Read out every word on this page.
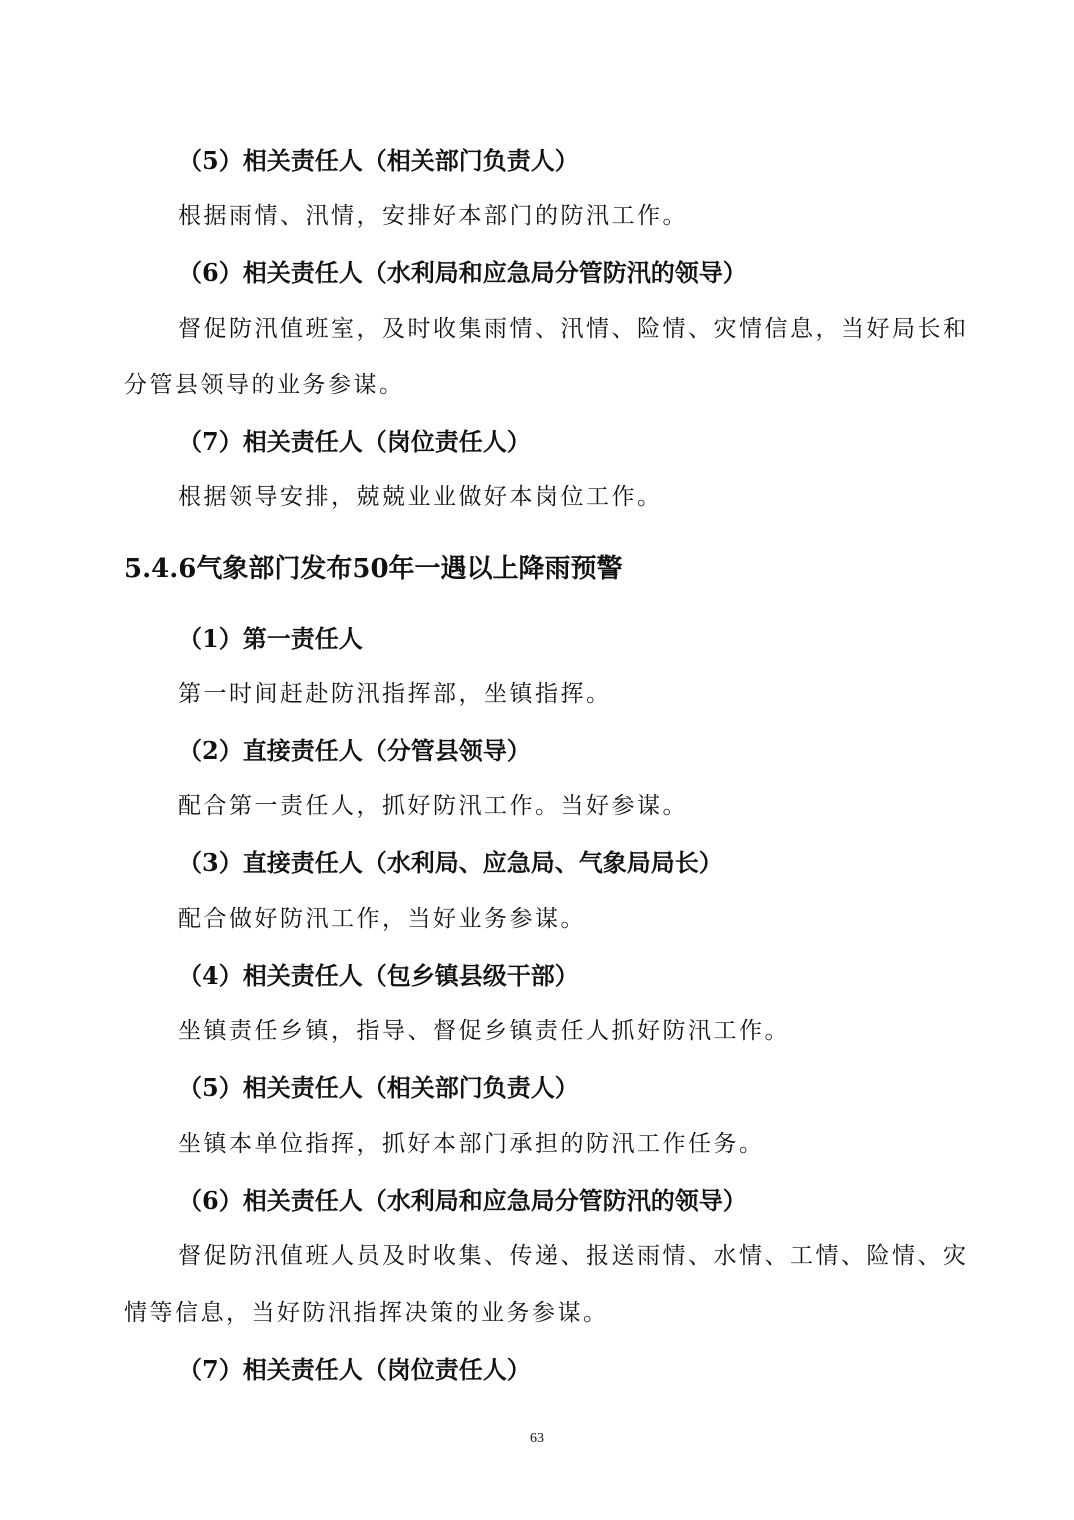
（5）相关责任人（相关部门负责人）
根据雨情、汛情，安排好本部门的防汛工作。
（6）相关责任人（水利局和应急局分管防汛的领导）
督促防汛值班室，及时收集雨情、汛情、险情、灾情信息，当好局长和
分管县领导的业务参谋。
（7）相关责任人（岗位责任人）
根据领导安排，兢兢业业做好本岗位工作。
5.4.6气象部门发布50年一遇以上降雨预警
（1）第一责任人
第一时间赶赴防汛指挥部，坐镇指挥。
（2）直接责任人（分管县领导）
配合第一责任人，抓好防汛工作。当好参谋。
（3）直接责任人（水利局、应急局、气象局局长）
配合做好防汛工作，当好业务参谋。
（4）相关责任人（包乡镇县级干部）
坐镇责任乡镇，指导、督促乡镇责任人抓好防汛工作。
（5）相关责任人（相关部门负责人）
坐镇本单位指挥，抓好本部门承担的防汛工作任务。
（6）相关责任人（水利局和应急局分管防汛的领导）
督促防汛值班人员及时收集、传递、报送雨情、水情、工情、险情、灾
情等信息，当好防汛指挥决策的业务参谋。
（7）相关责任人（岗位责任人）
63
